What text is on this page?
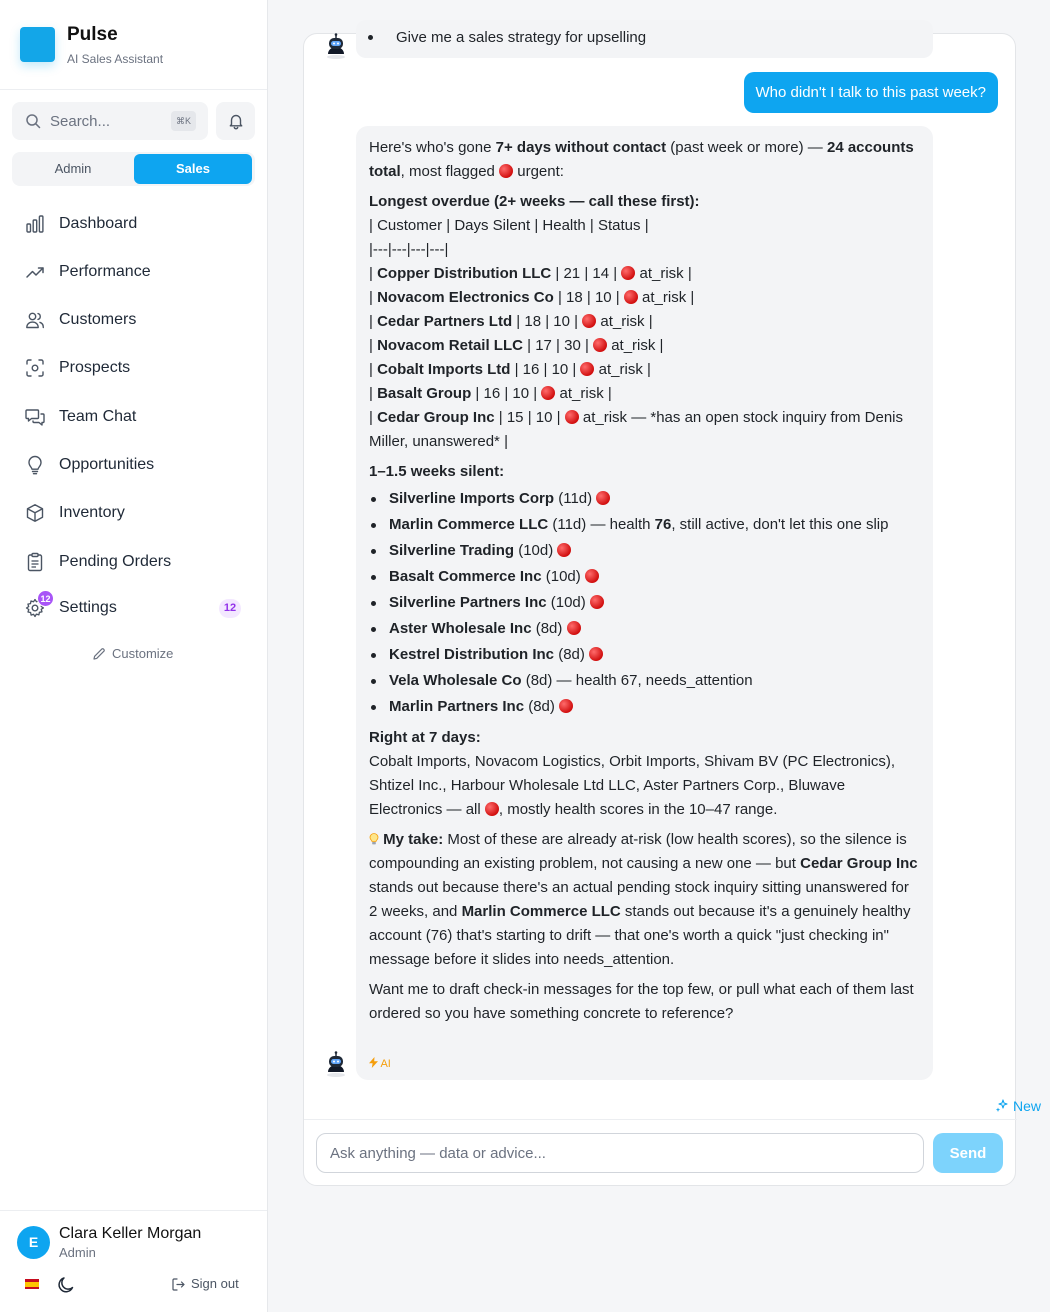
Pulse
AI Sales Assistant
Search...	⌘K
Admin	Sales
Dashboard
Performance
Customers
Prospects
Team Chat
Opportunities
Inventory
Pending Orders
12 Settings	12
Customize
E	Clara Keller Morgan
Admin
Sign out
Give me a sales strategy for upselling
Who didn't I talk to this past week?

Here's who's gone 7+ days without contact (past week or more) — 24 accounts total, most flagged  urgent:

Longest overdue (2+ weeks — call these first):
| Customer | Days Silent | Health | Status |
|---|---|---|---|
| Copper Distribution LLC | 21 | 14 |  at_risk |
| Novacom Electronics Co | 18 | 10 |  at_risk |
| Cedar Partners Ltd | 18 | 10 |  at_risk |
| Novacom Retail LLC | 17 | 30 |  at_risk |
| Cobalt Imports Ltd | 16 | 10 |  at_risk |
| Basalt Group | 16 | 10 |  at_risk |
| Cedar Group Inc | 15 | 10 |  at_risk — *has an open stock inquiry from Denis Miller, unanswered* |
1–1.5 weeks silent:
Silverline Imports Corp (11d)
Marlin Commerce LLC (11d) — health 76, still active, don't let this one slip
Silverline Trading (10d)
Basalt Commerce Inc (10d)
Silverline Partners Inc (10d)
Aster Wholesale Inc (8d)
Kestrel Distribution Inc (8d)
Vela Wholesale Co (8d) — health 67, needs_attention
Marlin Partners Inc (8d)
Right at 7 days:

Cobalt Imports, Novacom Logistics, Orbit Imports, Shivam BV (PC Electronics), Shtizel Inc., Harbour Wholesale Ltd LLC, Aster Partners Corp., Bluwave Electronics — all , mostly health scores in the 10–47 range.

My take: Most of these are already at-risk (low health scores), so the silence is compounding an existing problem, not causing a new one — but Cedar Group Inc stands out because there's an actual pending stock inquiry sitting unanswered for 2 weeks, and Marlin Commerce LLC stands out because it's a genuinely healthy account (76) that's starting to drift — that one's worth a quick "just checking in" message before it slides into needs_attention.

Want me to draft check-in messages for the top few, or pull what each of them last ordered so you have something concrete to reference?

AI
New
Ask anything — data or advice...
Send
